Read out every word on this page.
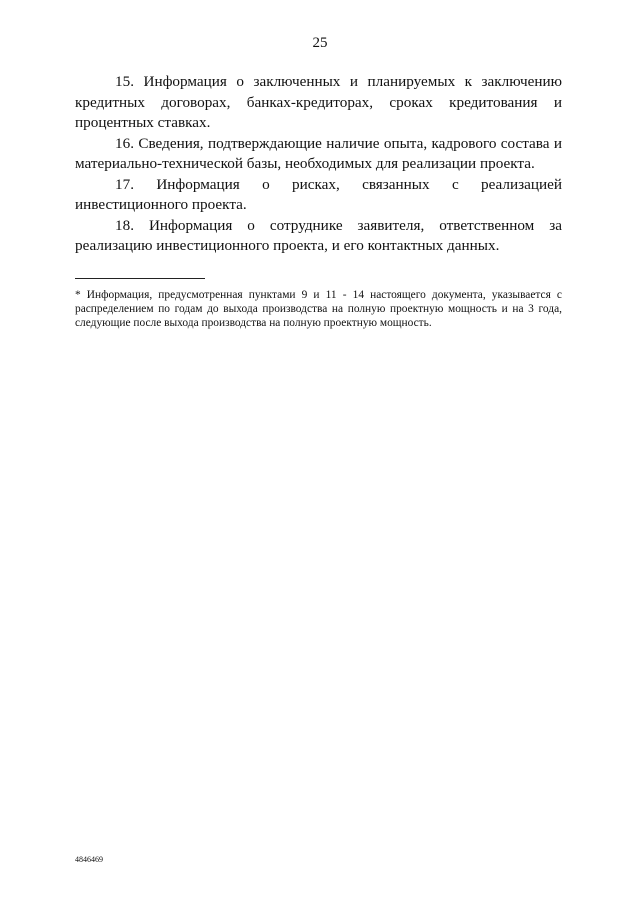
25

15. Информация о заключенных и планируемых к заключению кредитных договорах, банках-кредиторах, сроках кредитования и процентных ставках.

16. Сведения, подтверждающие наличие опыта, кадрового состава и материально-технической базы, необходимых для реализации проекта.

17. Информация о рисках, связанных с реализацией инвестиционного проекта.

18. Информация о сотруднике заявителя, ответственном за реализацию инвестиционного проекта, и его контактных данных.

* Информация, предусмотренная пунктами 9 и 11 - 14 настоящего документа, указывается с распределением по годам до выхода производства на полную проектную мощность и на 3 года, следующие после выхода производства на полную проектную мощность.

4846469
